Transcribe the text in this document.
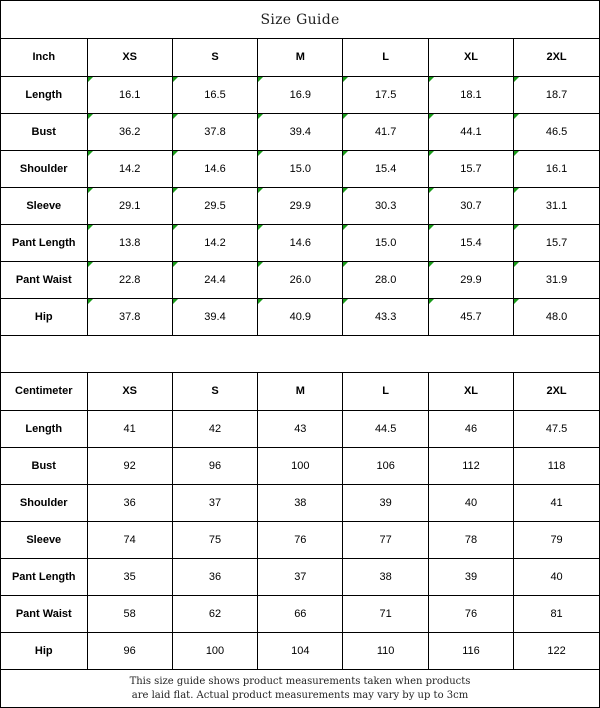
Size Guide
Inch	XS	S	M	L	XL	2XL
Length	16.1	16.5	16.9	17.5	18.1	18.7
Bust	36.2	37.8	39.4	41.7	44.1	46.5
Shoulder	14.2	14.6	15.0	15.4	15.7	16.1
Sleeve	29.1	29.5	29.9	30.3	30.7	31.1
Pant Length	13.8	14.2	14.6	15.0	15.4	15.7
Pant Waist	22.8	24.4	26.0	28.0	29.9	31.9
Hip	37.8	39.4	40.9	43.3	45.7	48.0
Centimeter	XS	S	M	L	XL	2XL
Length	41	42	43	44.5	46	47.5
Bust	92	96	100	106	112	118
Shoulder	36	37	38	39	40	41
Sleeve	74	75	76	77	78	79
Pant Length	35	36	37	38	39	40
Pant Waist	58	62	66	71	76	81
Hip	96	100	104	110	116	122
This size guide shows product measurements taken when products
are laid flat. Actual product measurements may vary by up to 3cm
